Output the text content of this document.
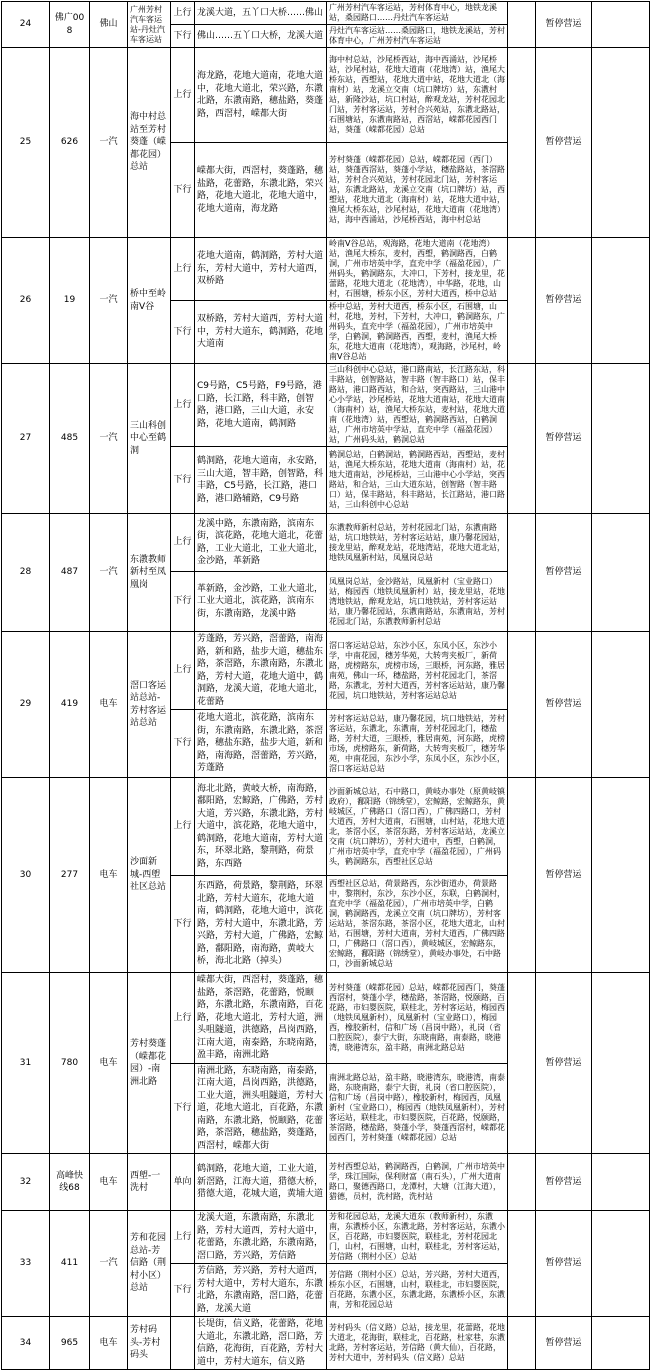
24	佛广008	佛山	广州芳村汽车客运站-丹灶汽车客运站	上行	龙溪大道，五丫口大桥……佛山	广州芳村汽车客运站，芳村体育中心，地铁龙溪站，桑园路口……丹灶汽车客运站		暂停营运	
				下行	佛山……五丫口大桥，龙溪大道	丹灶汽车客运站……桑园路口，地铁龙溪站，芳村体育中心，广州芳村汽车客运站			
25	626	一汽	海中村总站至芳村葵蓬（嵘都花园）总站	上行	海龙路，花地大道南，花地大道中，花地大道北，荣兴路，东漖北路，东漖南路，穗盐路，葵蓬路，西滘村，嵘都大街	海中村总站，沙尾桥西站，海中西涌站，沙尾桥站，沙尾村站，花地大道南（花地湾）站，渔尾大桥东站，西塱站，花地大道中站，花地大道北（海南村）站，龙溪立交南（坑口牌坊）站，东漖村站，新隆沙站，坑口村站，醉观龙站，芳村花园北门站，芳村客运站，芳村合兴苑站，东漖北路站，石围塘站，东漖南路站，西滘站，嵘都花园西门站，葵蓬（嵘都花园）总站		暂停营运	
				下行	嵘都大街，西滘村，葵蓬路，穗盐路，花蕾路，东漖北路，荣兴路，花地大道北，花地大道中，花地大道南，海龙路	芳村葵蓬（嵘都花园）总站，嵘都花园（西门）站，葵蓬西滘站，葵蓬小学站，穗盐路站，茶滘路站，芳村合兴苑站，芳村花园北门站，芳村客运站，东漖北路站，龙溪立交南（坑口牌坊）站，西塱站，花地大道北（海南村）站，花地大道中站，渔尾大桥东站，沙尾村站，花地大道南（花地湾）站，海中西涌站，沙尾桥西站，海中村总站			
26	19	一汽	桥中至岭南V谷	上行	花地大道南，鹤洞路，芳村大道东，芳村大道中，芳村大道西，双桥路	岭南V谷总站，观海路，花地大道南（花地湾）站，渔尾大桥东，麦村，西塱，鹤洞路西，白鹤洞，广州市培英中学，直充中学（福盈花园），广州码头，鹤洞路东，大冲口，下芳村，接龙里，花蕾路，花地大道北（花地湾），中华路，花地，山村，石围塘，桥东小区，芳村大道西，桥中总站		暂停营运	
				下行	双桥路，芳村大道西，芳村大道中，芳村大道东，鹤洞路，花地大道南	桥中总站，芳村大道西，桥东小区，石围塘，山村，花地，芳村，下芳村，大冲口，鹤洞路东，广州码头，直充中学（福盈花园），广州市培英中学，白鹤洞，鹤洞路西，西塱，麦村，渔尾大桥东，花地大道南（花地湾），观海路，沙尾村，岭南V谷总站			
27	485	一汽	三山科创中心至鹤洞	上行	C9号路，C5号路，F9号路，港口路，长江路，科丰路，创智路，港口路，三山大道，永安路，花地大道南，鹤洞路	三山科创中心总站，港口路南站，长江路东站，科丰路站，创智路站，智丰路（智丰路口）站，保丰路站，港口路西站，和合站，突西路站，三山港中心小学站，沙尾桥站，花地大道南站，花地大道南（海南村）站，渔尾大桥东站，麦村站，花地大道南（花地湾）站，西塱站，鹤洞路西站，白鹤洞站，广州市培英中学站，直充中学（福盈花园）站，广州码头站，鹤洞总站		暂停营运	
				下行	鹤洞路，花地大道南，永安路，三山大道，智丰路，创智路，科丰路，C5号路，长江路，港口路，港口路辅路，C9号路	鹤洞总站，白鹤洞站，鹤洞路西站，西塱站，麦村站，渔尾大桥东站，花地大道南（海南村）站，花地大道南站，沙尾桥站，三山港中心小学站，突西路站，和合站，三山大道东站，创智路（智丰路口）站，保丰路站，科丰路站，长江路站，港口路站，三山科创中心总站			
28	487	一汽	东漖教师新村至凤凰岗	上行	龙溪中路，东漖南路，滨南东街，滨花路，花地大道北，花蕾路，工业大道北，工业大道北，金沙路，革新路	东漖教师新村总站，芳村花园北门站，东漖南路站，坑口地铁站，芳村客运站站，康乃馨花园站，接龙里站，醉观龙站，花地湾站，花地大道北站，地铁凤凰新村站，凤凰岗总站		暂停营运	
				下行	革新路，金沙路，工业大道北，工业大道北，滨花路，滨南东街，东漖南路，龙溪中路	凤凰岗总站，金沙路站，凤凰新村（宝业路口）站，梅园西（地铁凤凰新村）站，接龙里站，花地湾地铁站，醉观龙站，坑口地铁站，芳村客运站站，康乃馨花园站，东漖南路站，东漖南站，芳村花园北门站，东漖教师新村总站			
29	419	电车	滘口客运站总站-芳村客运站总站	上行	芳蓬路，芳兴路，滘蕾路，南海路，新和路，盐步大道，穗盐东路，茶滘路，东漖南路，东漖北路，芳村大道，花地大道中，鹤洞路，龙溪大道，花地大道北，花蕾路	滘口客运站总站，东沙小区，东凤小区，东沙小学，中南花园，穗芳华苑，大转弯夹板厂，新荷路，虎榜路东，虎榜市场，三眼桥，河东路，雅居南苑，佛山一环，穗盐路，芳村花园北门，茶滘路，东漖北，芳村大道西，芳村客运站站，康乃馨花园，坑口地铁站，芳村客运站总站		暂停营运	
				下行	花地大道北，滨花路，滨南东街，东漖南路，东漖北路，茶滘路，穗盐东路，盐步大道，新和路，南海路，滘蕾路，芳兴路，芳蓬路	芳村客运站总站，康乃馨花园，坑口地铁站，芳村客运站，东漖北，东漖南，芳村花园北门，穗盐路，芳村大道，三眼桥，雅居南苑，河东路，虎榜市场，虎榜路东，新荷路，大转弯夹板厂，穗芳华苑，中南花园，东沙小学，东凤小区，东沙小区，滘口客运站总站			
30	277	电车	沙面新城-西塱社区总站	上行	海北北路，黄岐大桥，南海路，鄱阳路，宏鲸路，广佛路，芳村大道，芳兴路，东漖北路，芳村大道中，滨花路，花地大道中，鹤洞路，花地大道南，芳村大道东，环翠北路，黎荆路，荷景路，东西路	沙面新城总站，石中路口，黄岐办事处（原黄岐镇政府），鄱阳路（锦绣堂），宏鲸路，宏鲸路东，黄岐城区，广佛路口（滘口西），广佛四路口，芳村大道西，芳村大道南，石围塘，山村站，花地大道北，茶滘小区，茶滘东路，芳村客运站站，龙溪立交南（坑口牌坊），芳村大道中，西塱，白鹤洞，广州市培英中学，直充中学（福盈花园），广州码头，鹤洞路东，西塱社区总站		暂停营运	
				下行	东西路，荷景路，黎荆路，环翠北路，芳村大道东，花地大道南，鹤洞路，花地大道中，滨花路，芳村大道中，东漖北路，芳兴路，芳村大道，广佛路，宏鲸路，鄱阳路，南海路，黄岐大桥，海北北路（掉头）	西塱社区总站，荷景路西，东沙街道办，荷景路中，黎荆村，东沙，东沙小区，东联，白鹤洞村，直充中学（福盈花园），广州市培英中学，白鹤洞，鹤洞路西，龙溪立交南（坑口牌坊），芳村客运站站，茶滘东路，茶滘小区，花地大道北，山村站，石围塘，芳村大道南，芳村大道西，广佛四路口，广佛路口（滘口西），黄岐城区，宏鲸路东，宏鲸路，鄱阳路（锦绣堂），黄岐办事处，石中路口，沙面新城总站			
31	780	电车	芳村葵蓬（嵘都花园）-南洲北路	上行	嵘都大街，西滘村，葵蓬路，穗盐路，茶滘路，花蕾路，悦颐路，东漖北路，东漖南路，百花路，花地大道北，芳村大道，洲头咀隧道，洪德路，昌岗西路，江南大道，南泰路，东晓南路，盈丰路，南洲北路	芳村葵蓬（嵘都花园）总站，嵘都花园西门，葵蓬西滘村，葵蓬小学，穗盐路，茶滘路，悦颐路，百花路，市妇婴医院，联桂北，芳村客运站，梅园西（地铁凤凰新村），凤凰新村（宝业路口），梅园西，橡胶新村，信和广场（昌岗中路），礼岗（省口腔医院），泰宁大街，东晓南路，南泰路，晓港湾，晓港湾东，盈丰路，南洲北路总站		暂停营运	
				下行	南洲北路，东晓南路，南泰路，江南大道，昌岗西路，洪德路，工业大道，洲头咀隧道，芳村大道，花地大道北，百花路，东漖南路，东漖北路，悦颐路，花蕾路，茶滘路，穗盐路，葵蓬路，西滘村，嵘都大街	南洲北路总站，盈丰路，晓港湾东，晓港湾，南泰路，东晓南路，泰宁大街，礼岗（省口腔医院），信和广场（昌岗中路），橡胶新村，梅园西，凤凰新村（宝业路口），梅园西（地铁凤凰新村），芳村客运站，联桂北，市妇婴医院，百花路，悦颐路，茶滘路，穗盐路，葵蓬小学，葵蓬西滘村，嵘都花园西门，芳村葵蓬（嵘都花园）总站			
32	高峰快线68	电车	西塱-一洗村	单向	鹤洞路，花地大道，工业大道，新滘路，江海大道，猎德大桥，猎德大道，花城大道，黄埔大道	芳村西塱总站，鹤洞路西，白鹤洞，广州市培英中学，珠江国际，保利财富（南石头），广州大道南路口，聚德西路口，龙潭村，大塘（江海大道），猎德，员村，洗村路，洗村站		暂停营运	
33	411	一汽	芳和花园总站-芳信路（荆村小区）总站	上行	龙溪大道，东漖南路，东漖北路，芳村大道西，芳村大道中，花蕾路，东漖北路，东漖南路，滘口路，芳兴路，芳信路	芳和花园总站，龙溪大道东（教师新村），东漖南，东漖桥小区，东漖北路，芳村客运站，东漖小区，百花路，市妇婴医院，联桂北，芳村花园北门，山村，石围塘，山村，联桂北，芳村客运站，芳信路（荆村小区）总站		暂停营运	
				下行	芳信路，芳兴路，芳村大道西，芳村大道中，芳村大道东，东漖北路，东漖南路，滘口路，花蕾路，龙溪大道	芳信路（荆村小区）总站，芳兴路，芳村大道西，桥东小区，石围塘，山村，联桂北，市妇婴医院，百花路，东漖小区，东漖北路，东漖桥小区，东漖南，芳和花园总站			
34	965	电车	芳村码头-芳村码头		长堤街，信义路，花蕾路，花地大道北，东漖北路，滘口路，芳信路，花海街，百花路，芳村大道中，芳村大道东，信义路	芳村码头（信义路）总站，接龙里，花蕾路，花地大道北，花海街，联桂北，百花路，杜家巷，东漖北路，芳村客运站，芳信路（黄大仙），百花路，芳村大道中，芳村码头（信义路）总站		暂停营运	
